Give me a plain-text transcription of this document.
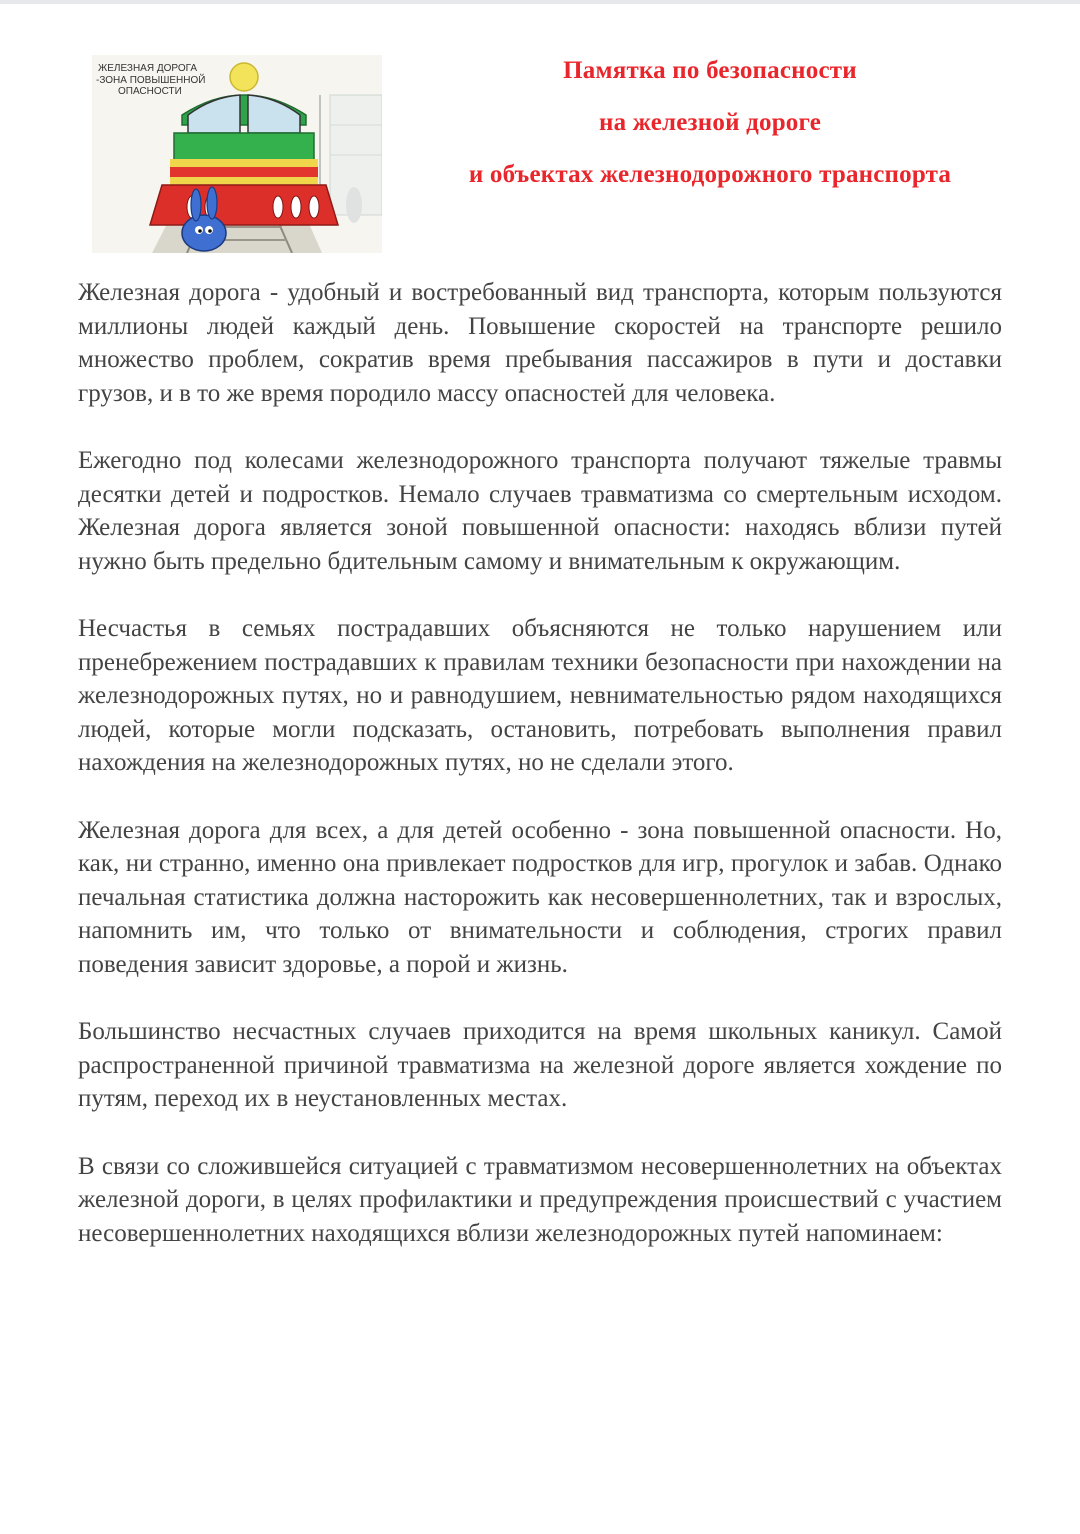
ЖЕЛЕЗНАЯ ДОРОГА
-ЗОНА ПОВЫШЕННОЙ
ОПАСНОСТИ
Памятка по безопасности
на железной дороге
и объектах железнодорожного транспорта

Железная дорога - удобный и востребованный вид транспорта, которым пользуются миллионы людей каждый день. Повышение скоростей на транспорте решило множество проблем, сократив время пребывания пассажиров в пути и доставки грузов, и в то же время породило массу опасностей для человека.

Ежегодно под колесами железнодорожного транспорта получают тяжелые травмы десятки детей и подростков. Немало случаев травматизма со смертельным исходом. Железная дорога является зоной повышенной опасности: находясь вблизи путей нужно быть предельно бдительным самому и внимательным к окружающим.

Несчастья в семьях пострадавших объясняются не только нарушением или пренебрежением пострадавших к правилам техники безопасности при нахождении на железнодорожных путях, но и равнодушием, невнимательностью рядом находящихся людей, которые могли подсказать, остановить, потребовать выполнения правил нахождения на железнодорожных путях, но не сделали этого.

Железная дорога для всех, а для детей особенно - зона повышенной опасности. Но, как, ни странно, именно она привлекает подростков для игр, прогулок и забав. Однако печальная статистика должна насторожить как несовершеннолетних, так и взрослых, напомнить им, что только от внимательности и соблюдения, строгих правил поведения зависит здоровье, а порой и жизнь.

Большинство несчастных случаев приходится на время школьных каникул. Самой распространенной причиной травматизма на железной дороге является хождение по путям, переход их в неустановленных местах.

В связи со сложившейся ситуацией с травматизмом несовершеннолетних на объектах железной дороги, в целях профилактики и предупреждения происшествий с участием несовершеннолетних находящихся вблизи железнодорожных путей напоминаем:
